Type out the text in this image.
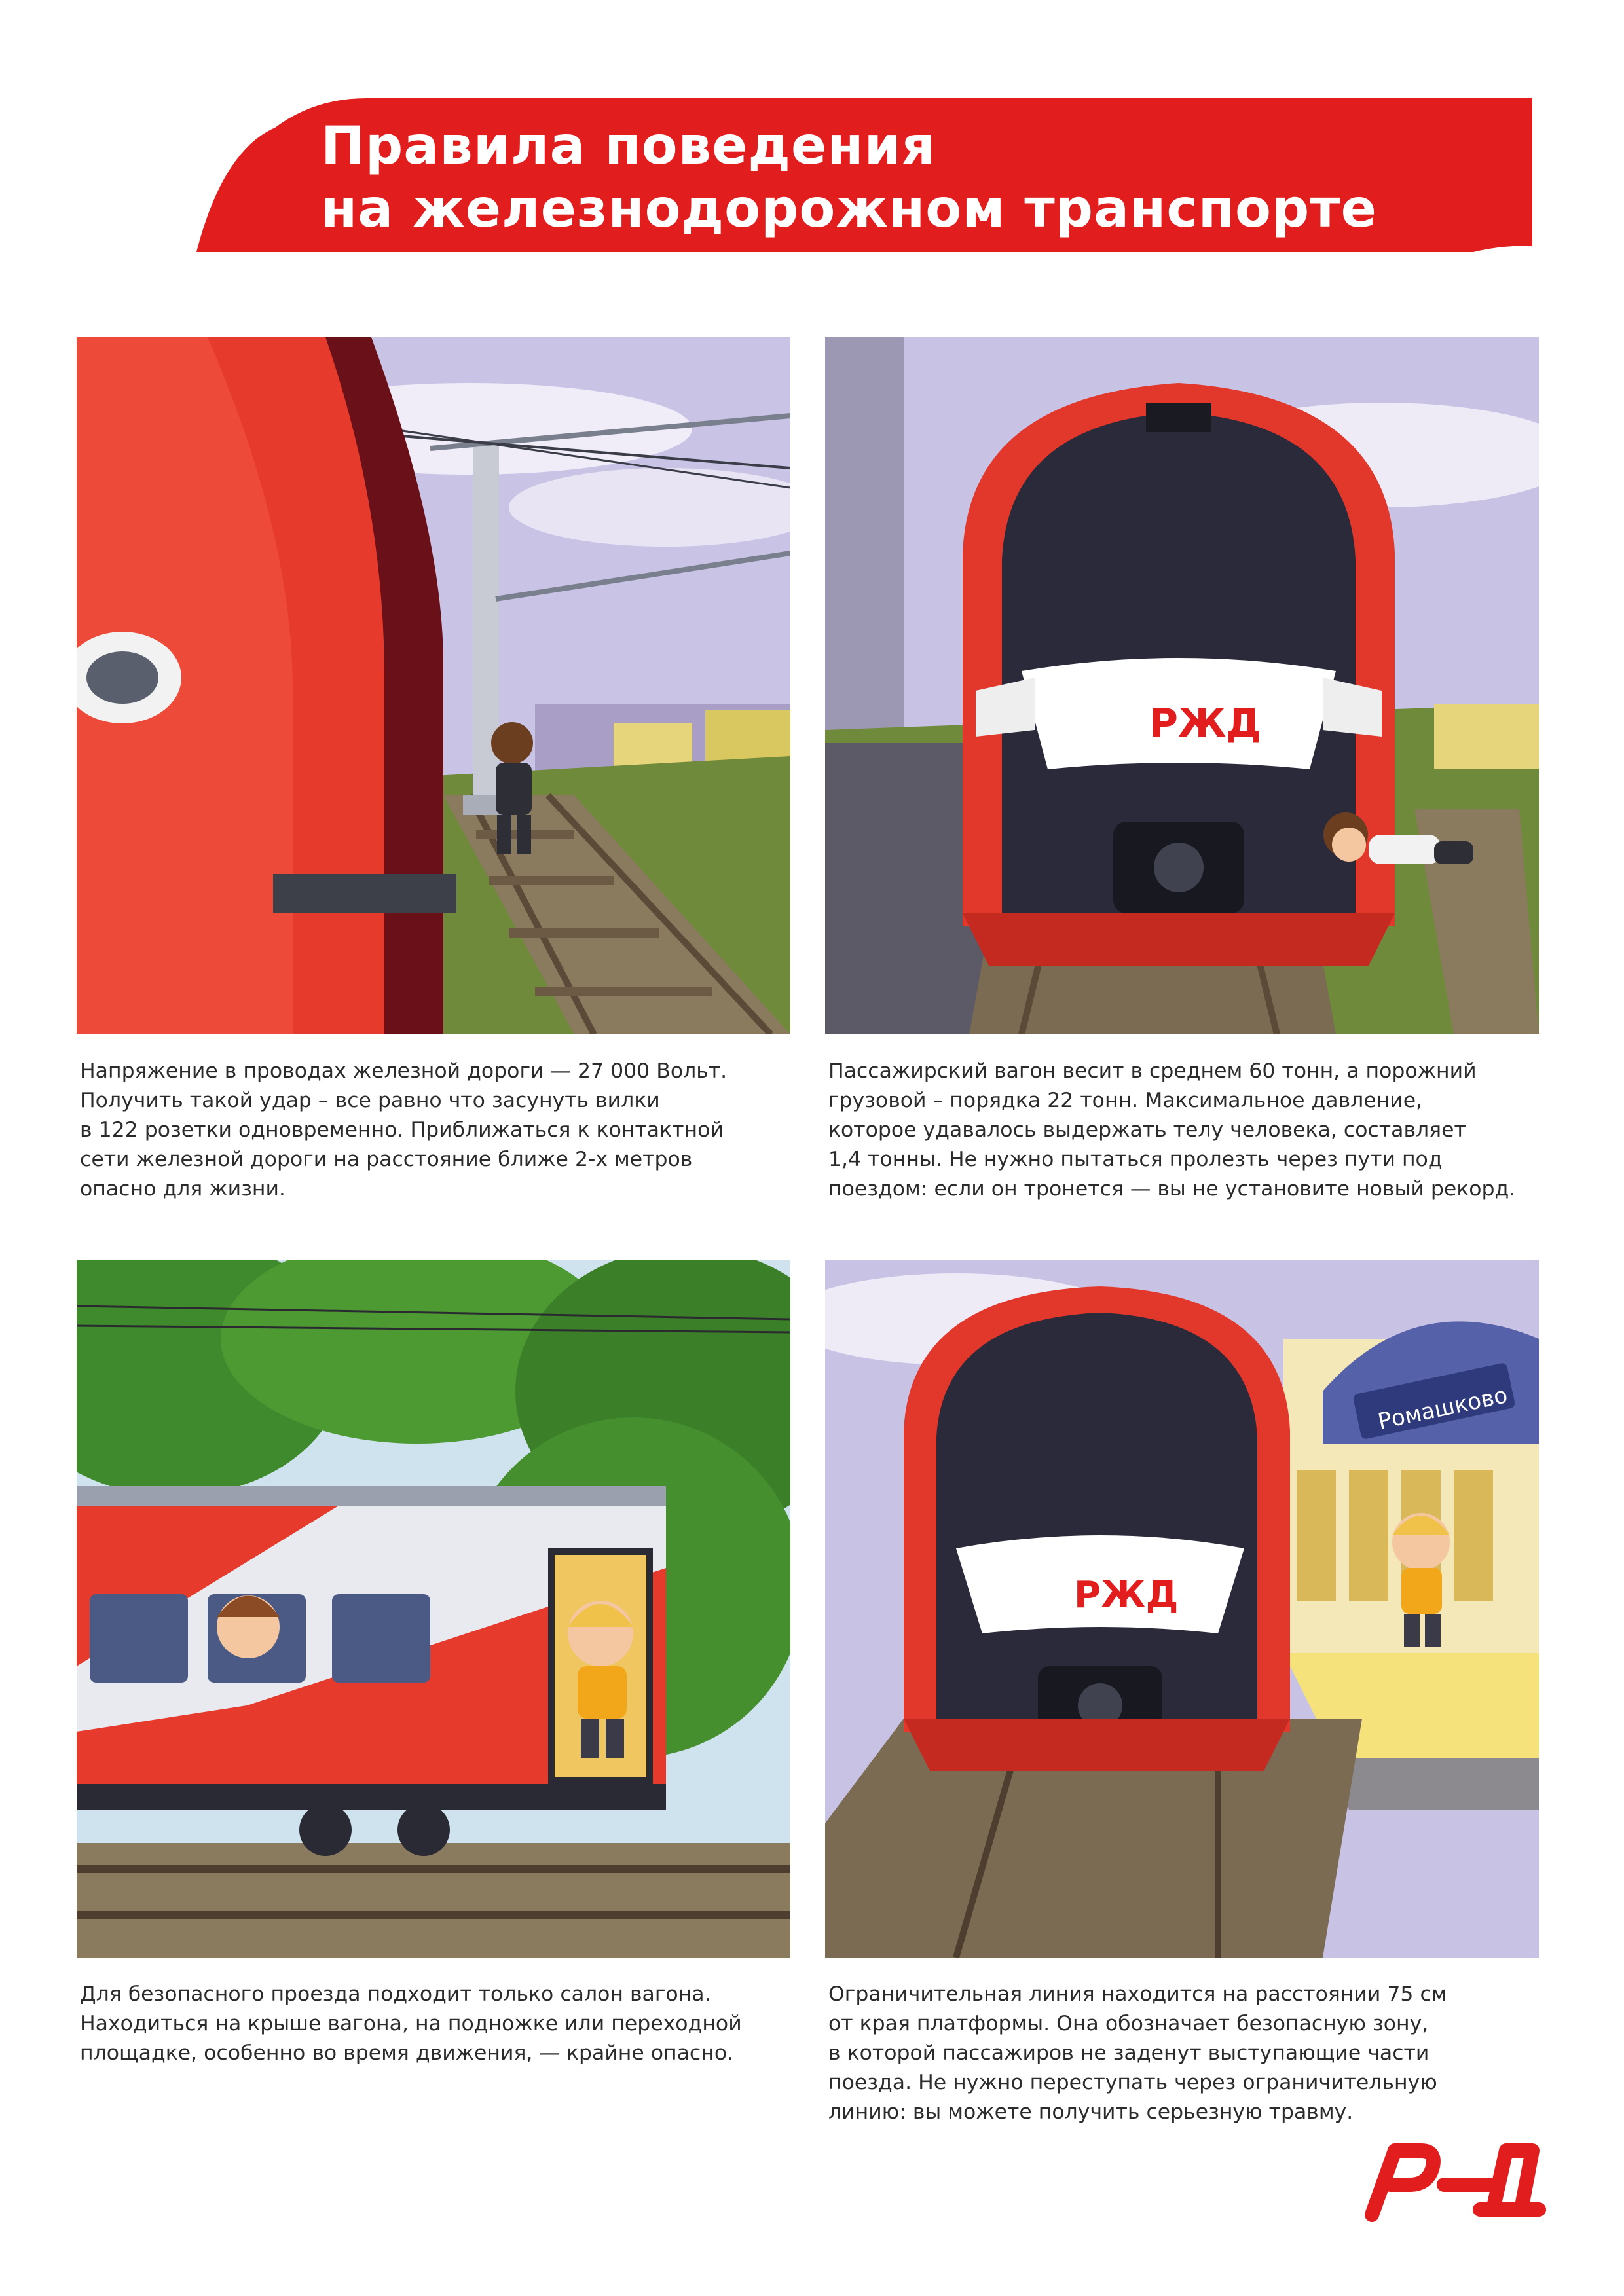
Правила поведения
на железнодорожном транспорте
РЖД
Ромашково
РЖД

Напряжение в проводах железной дороги — 27 000 Вольт.
Получить такой удар – все равно что засунуть вилки
в 122 розетки одновременно. Приближаться к контактной
сети железной дороги на расстояние ближе 2-х метров
опасно для жизни.

Пассажирский вагон весит в среднем 60 тонн, а порожний
грузовой – порядка 22 тонн. Максимальное давление,
которое удавалось выдержать телу человека, составляет
1,4 тонны. Не нужно пытаться пролезть через пути под
поездом: если он тронется — вы не установите новый рекорд.

Для безопасного проезда подходит только салон вагона.
Находиться на крыше вагона, на подножке или переходной
площадке, особенно во время движения, — крайне опасно.

Ограничительная линия находится на расстоянии 75 см
от края платформы. Она обозначает безопасную зону,
в которой пассажиров не заденут выступающие части
поезда. Не нужно переступать через ограничительную
линию: вы можете получить серьезную травму.
